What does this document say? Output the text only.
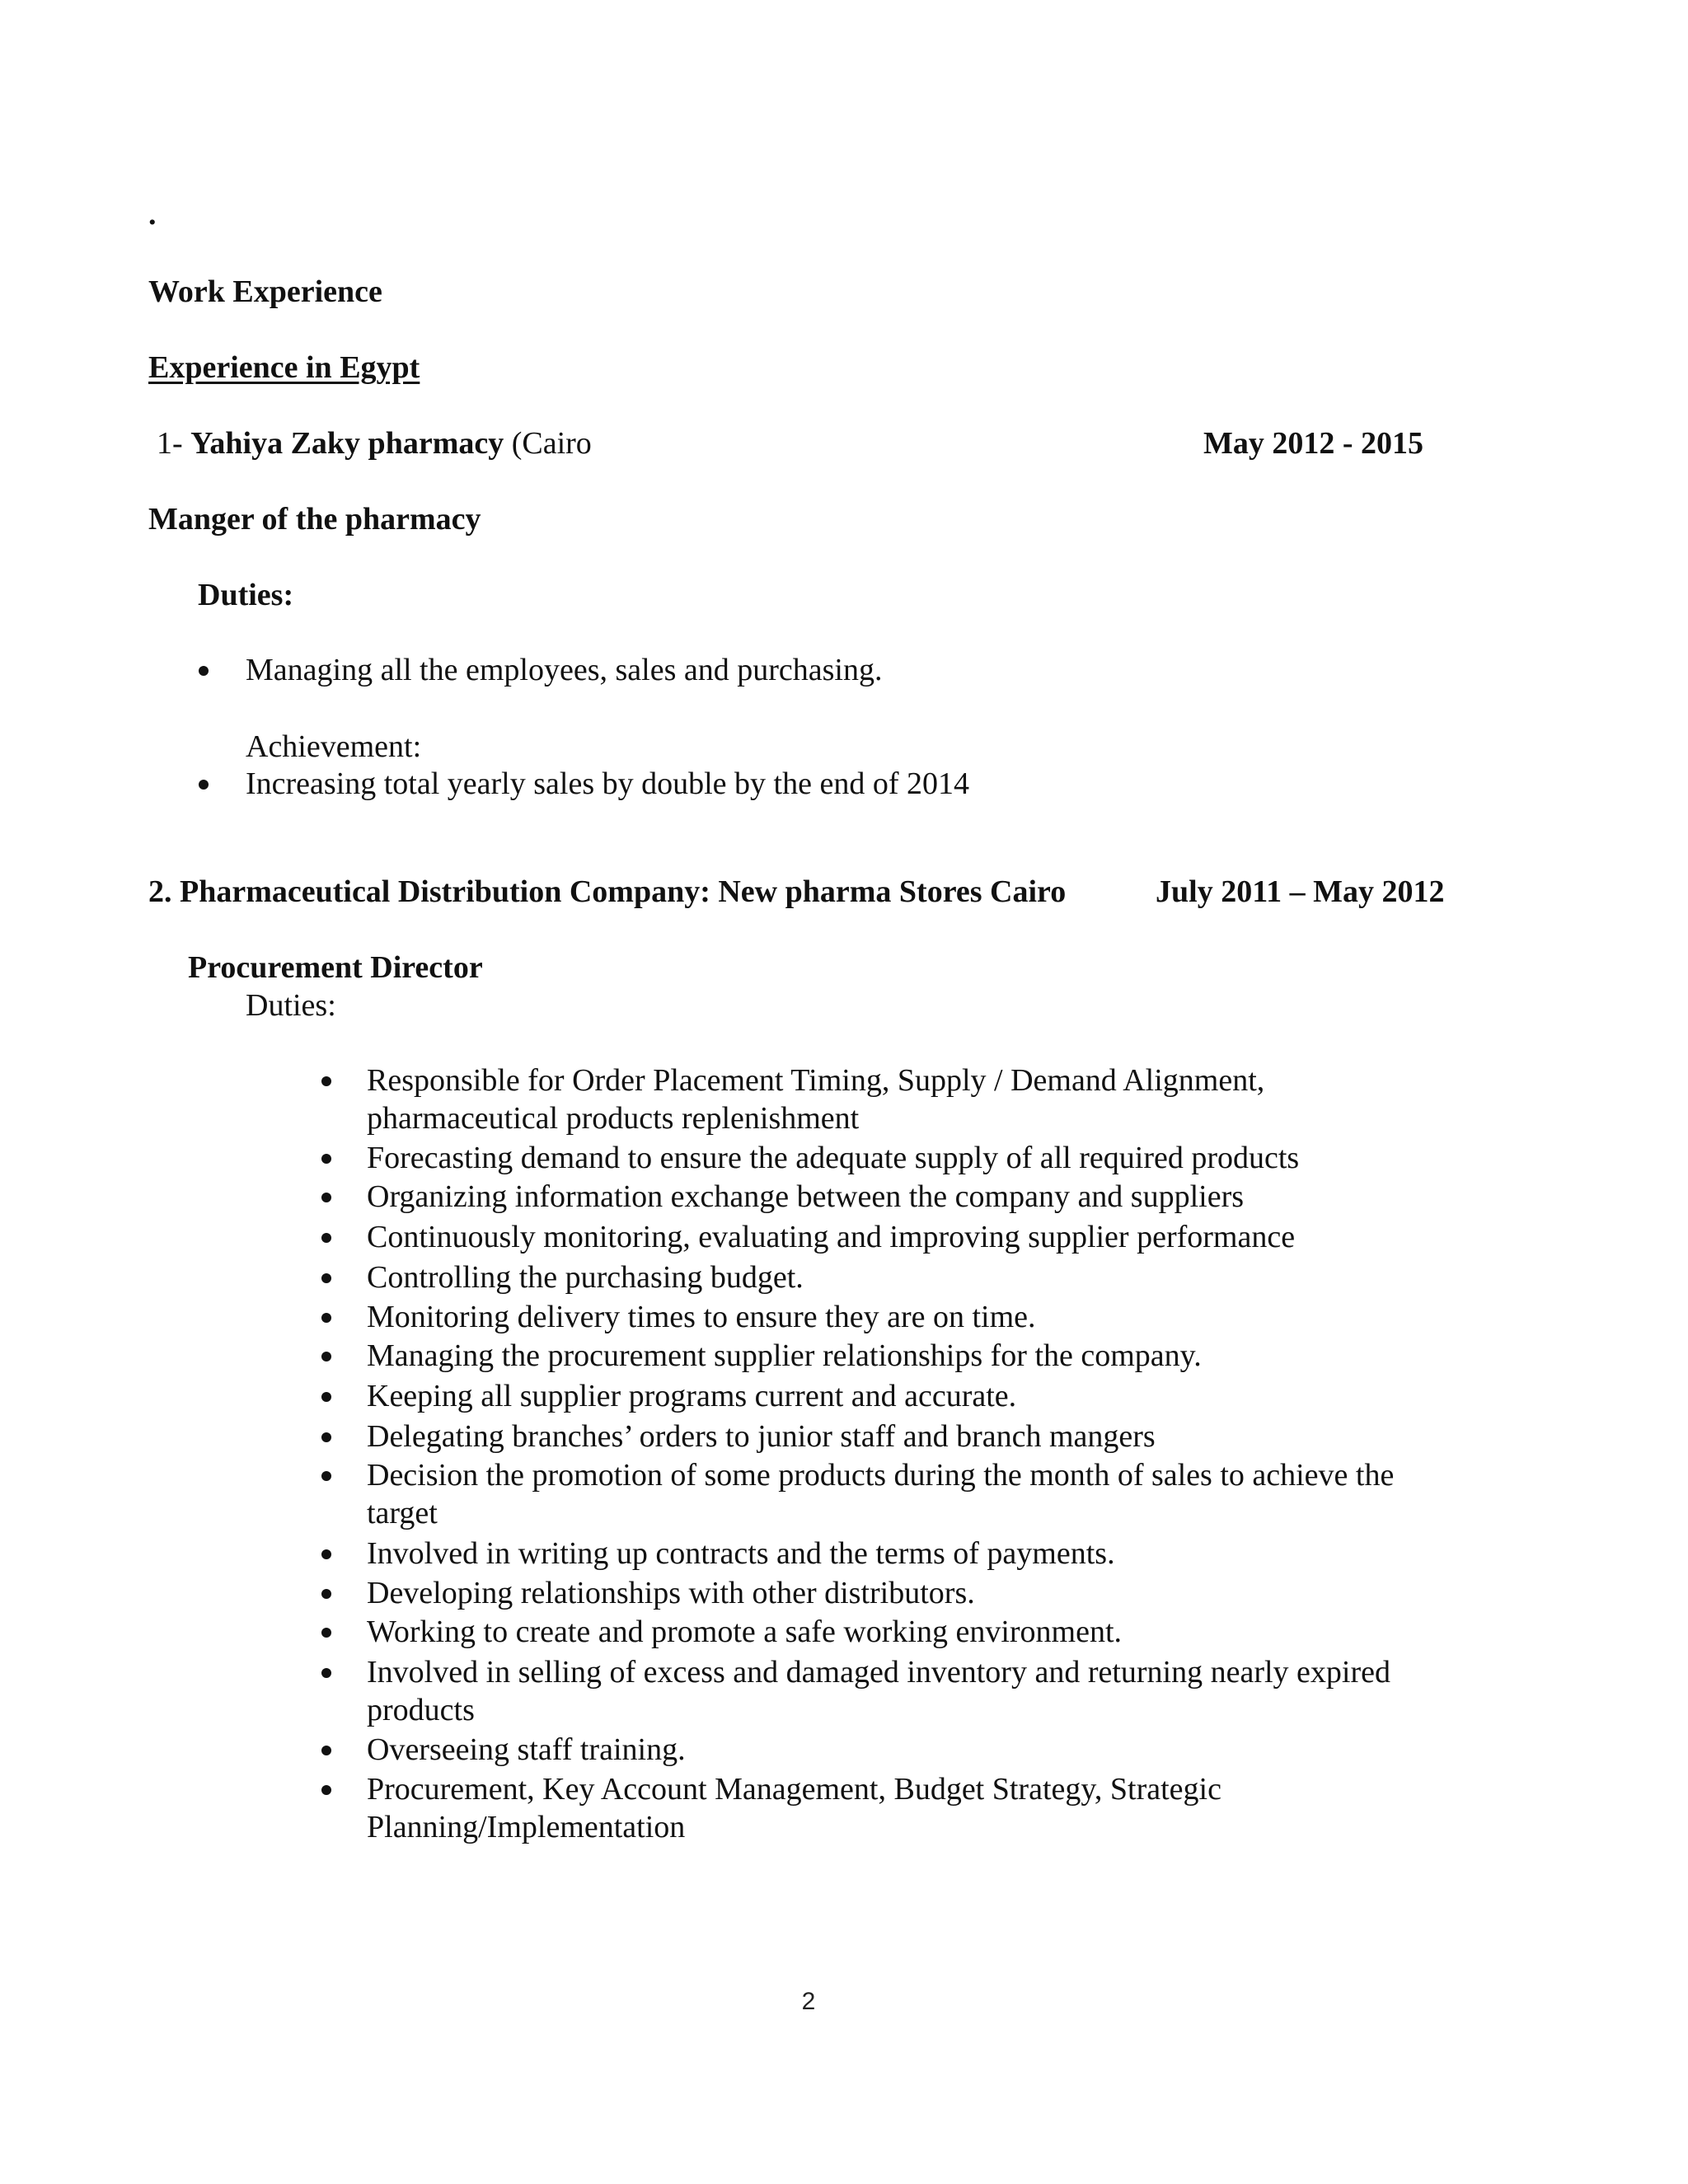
.
Work Experience
Experience in Egypt
1- Yahiya Zaky pharmacy (Cairo	May 2012 - 2015
Manger of the pharmacy
Duties:
Managing all the employees, sales and purchasing.
Achievement:
Increasing total yearly sales by double by the end of 2014
2. Pharmaceutical Distribution Company: New pharma Stores Cairo	July 2011 – May 2012
Procurement Director
Duties:
Responsible for Order Placement Timing, Supply / Demand Alignment,
pharmaceutical products replenishment
Forecasting demand to ensure the adequate supply of all required products
Organizing information exchange between the company and suppliers
Continuously monitoring, evaluating and improving supplier performance
Controlling the purchasing budget.
Monitoring delivery times to ensure they are on time.
Managing the procurement supplier relationships for the company.
Keeping all supplier programs current and accurate.
Delegating branches’ orders to junior staff and branch mangers
Decision the promotion of some products during the month of sales to achieve the
target
Involved in writing up contracts and the terms of payments.
Developing relationships with other distributors.
Working to create and promote a safe working environment.
Involved in selling of excess and damaged inventory and returning nearly expired
products
Overseeing staff training.
Procurement, Key Account Management, Budget Strategy, Strategic
Planning/Implementation
2
